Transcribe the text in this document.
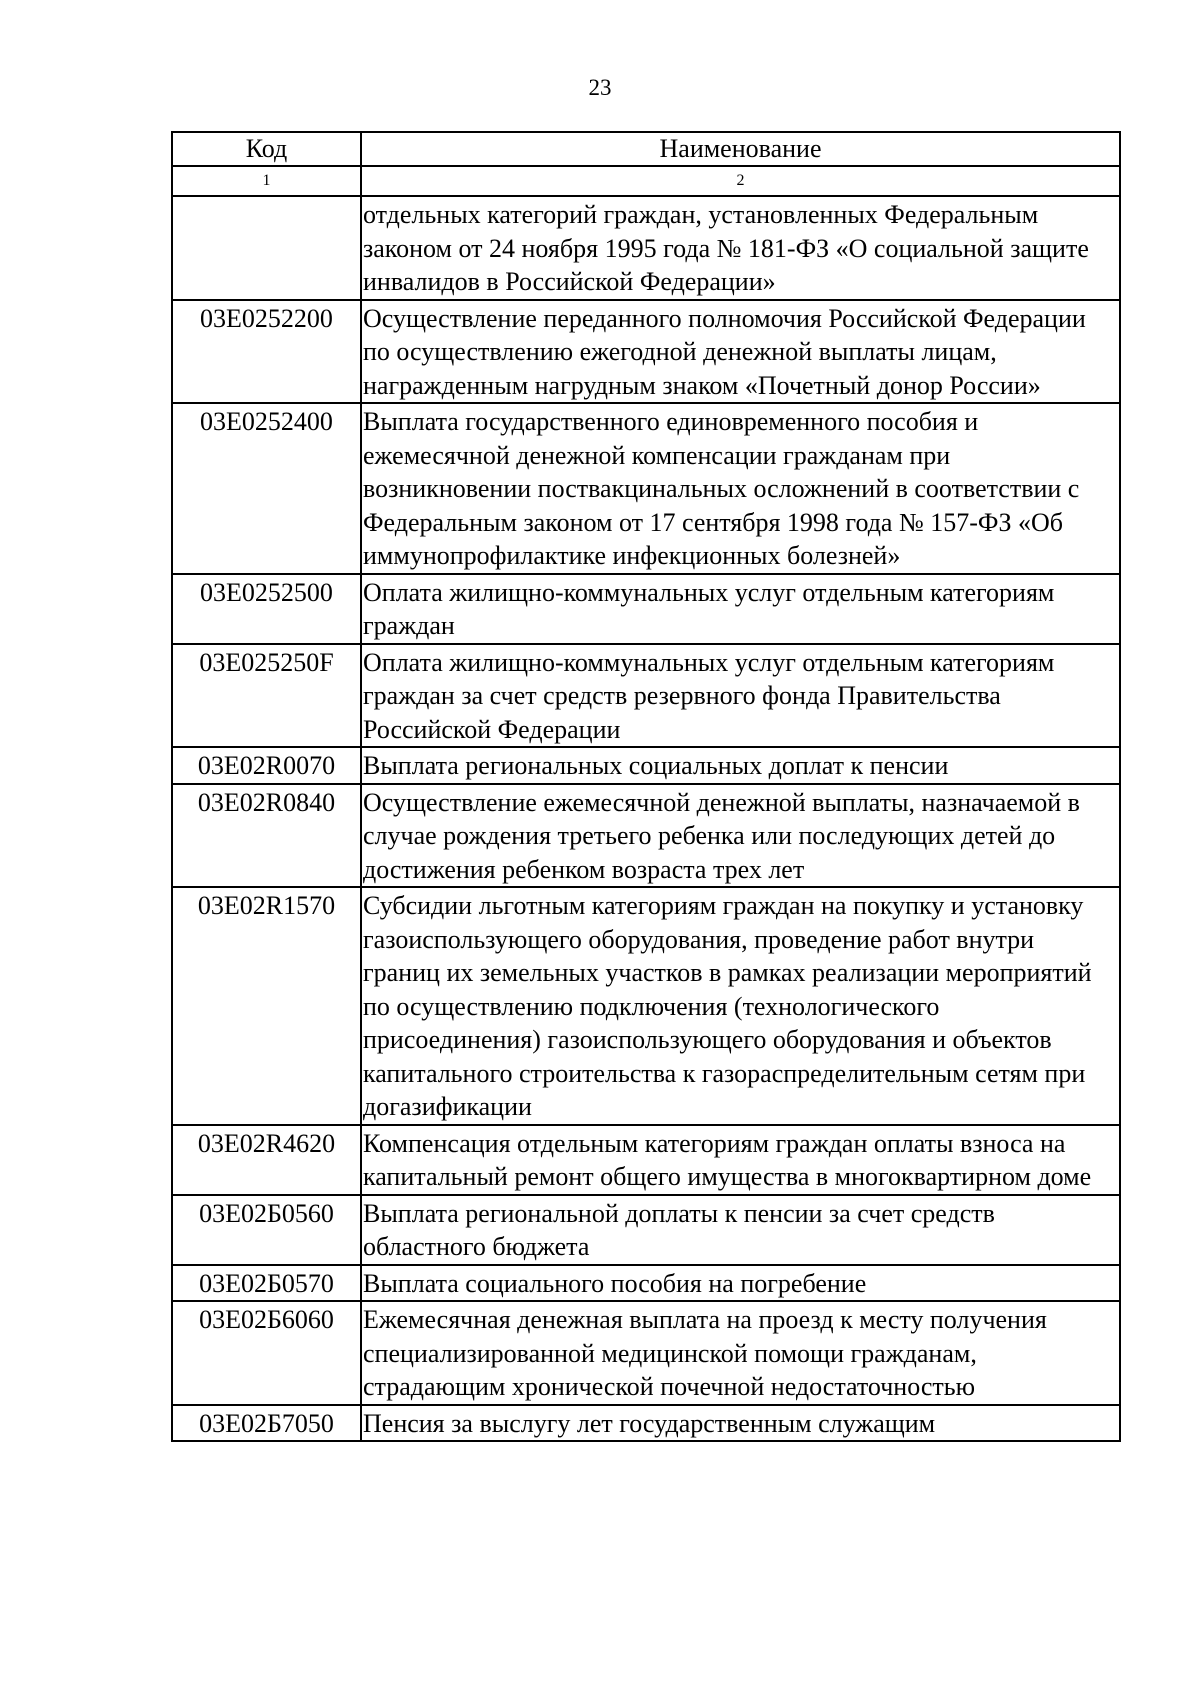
23
Код	Наименование
1	2
	отдельных категорий граждан, установленных Федеральным законом от 24 ноября 1995 года № 181-ФЗ «О социальной защите инвалидов в Российской Федерации»
03Е0252200	Осуществление переданного полномочия Российской Федерации по осуществлению ежегодной денежной выплаты лицам, награжденным нагрудным знаком «Почетный донор России»
03Е0252400	Выплата государственного единовременного пособия и ежемесячной денежной компенсации гражданам при возникновении поствакцинальных осложнений в соответствии с Федеральным законом от 17 сентября 1998 года № 157-ФЗ «Об иммунопрофилактике инфекционных болезней»
03Е0252500	Оплата жилищно-коммунальных услуг отдельным категориям граждан
03Е025250F	Оплата жилищно-коммунальных услуг отдельным категориям граждан за счет средств резервного фонда Правительства Российской Федерации
03Е02R0070	Выплата региональных социальных доплат к пенсии
03Е02R0840	Осуществление ежемесячной денежной выплаты, назначаемой в случае рождения третьего ребенка или последующих детей до достижения ребенком возраста трех лет
03Е02R1570	Субсидии льготным категориям граждан на покупку и установку газоиспользующего оборудования, проведение работ внутри границ их земельных участков в рамках реализации мероприятий по осуществлению подключения (технологического присоединения) газоиспользующего оборудования и объектов капитального строительства к газораспределительным сетям при догазификации
03Е02R4620	Компенсация отдельным категориям граждан оплаты взноса на капитальный ремонт общего имущества в многоквартирном доме
03Е02Б0560	Выплата региональной доплаты к пенсии за счет средств областного бюджета
03Е02Б0570	Выплата социального пособия на погребение
03Е02Б6060	Ежемесячная денежная выплата на проезд к месту получения специализированной медицинской помощи гражданам, страдающим хронической почечной недостаточностью
03Е02Б7050	Пенсия за выслугу лет государственным служащим
